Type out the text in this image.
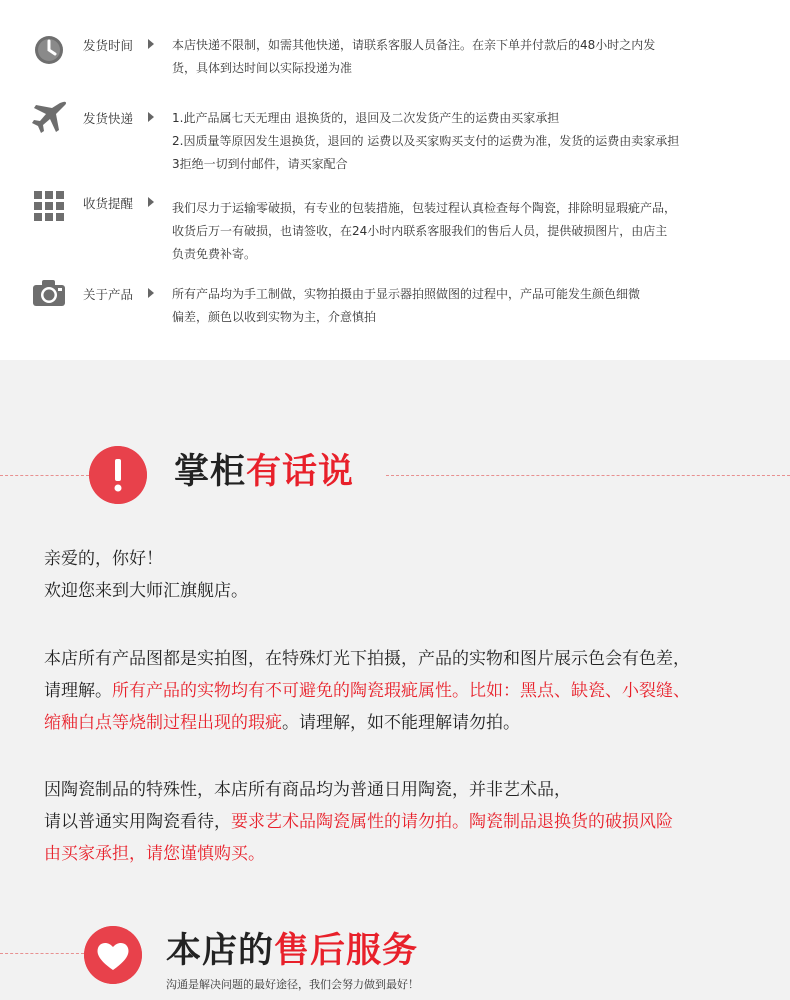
发货时间	本店快递不限制，如需其他快递，请联系客服人员备注。在亲下单并付款后的48小时之内发
货，具体到达时间以实际投递为准
发货快递	1.此产品属七天无理由 退换货的，退回及二次发货产生的运费由买家承担
2.因质量等原因发生退换货，退回的 运费以及买家购买支付的运费为准，发货的运费由卖家承担
3拒绝一切到付邮件，请买家配合
收货提醒	我们尽力于运输零破损，有专业的包装措施，包装过程认真检查每个陶瓷，排除明显瑕疵产品，
收货后万一有破损，也请签收，在24小时内联系客服我们的售后人员，提供破损图片，由店主
负责免费补寄。
关于产品	所有产品均为手工制做，实物拍摄由于显示器拍照做图的过程中，产品可能发生颜色细微
偏差，颜色以收到实物为主，介意慎拍
掌柜有话说
亲爱的，你好！
欢迎您来到大师汇旗舰店。
本店所有产品图都是实拍图，在特殊灯光下拍摄，产品的实物和图片展示色会有色差，
请理解。所有产品的实物均有不可避免的陶瓷瑕疵属性。比如：黑点、缺瓷、小裂缝、
缩釉白点等烧制过程出现的瑕疵。请理解，如不能理解请勿拍。
因陶瓷制品的特殊性，本店所有商品均为普通日用陶瓷，并非艺术品，
请以普通实用陶瓷看待，要求艺术品陶瓷属性的请勿拍。陶瓷制品退换货的破损风险
由买家承担，请您谨慎购买。
本店的售后服务
沟通是解决问题的最好途径，我们会努力做到最好！
